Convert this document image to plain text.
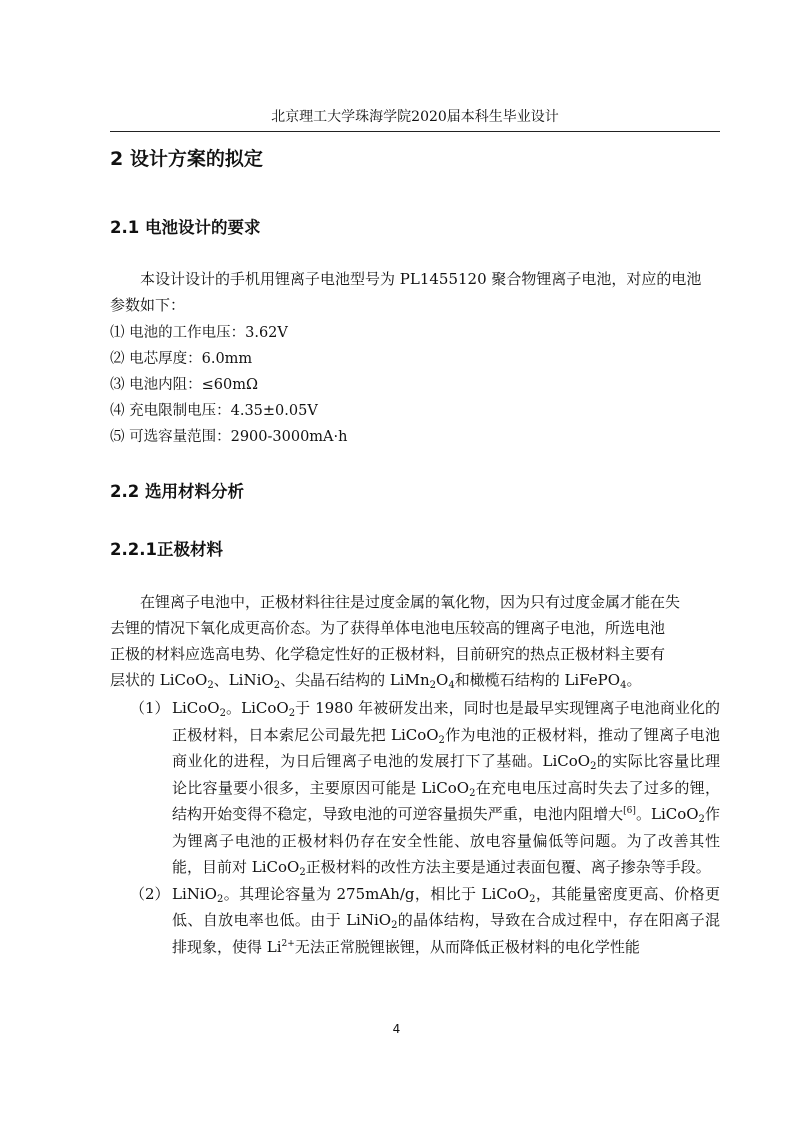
北京理工大学珠海学院2020届本科生毕业设计
2 设计方案的拟定
2.1 电池设计的要求

本设计设计的手机用锂离子电池型号为 PL1455120 聚合物锂离子电池，对应的电池

参数如下：

⑴ 电池的工作电压：3.62V
⑵ 电芯厚度：6.0mm
⑶ 电池内阻：≤60mΩ
⑷ 充电限制电压：4.35±0.05V
⑸ 可选容量范围：2900-3000mA·h
2.2 选用材料分析
2.2.1正极材料

在锂离子电池中，正极材料往往是过度金属的氧化物，因为只有过度金属才能在失

去锂的情况下氧化成更高价态。为了获得单体电池电压较高的锂离子电池，所选电池

正极的材料应选高电势、化学稳定性好的正极材料，目前研究的热点正极材料主要有

层状的 LiCoO$_2$、LiNiO$_2$、尖晶石结构的 $LiMn_2O_4$和橄榄石结构的 LiFePO$_4$。

（1） LiCoO$_2$。LiCoO$_2$于 1980 年被研发出来，同时也是最早实现锂离子电池商业化的正极材料，日本索尼公司最先把 LiCoO$_2$作为电池的正极材料，推动了锂离子电池商业化的进程，为日后锂离子电池的发展打下了基础。LiCoO$_2$的实际比容量比理论比容量要小很多，主要原因可能是 LiCoO$_2$在充电电压过高时失去了过多的锂，结构开始变得不稳定，导致电池的可逆容量损失严重，电池内阻增大[6]。LiCoO$_2$作为锂离子电池的正极材料仍存在安全性能、放电容量偏低等问题。为了改善其性能，目前对 LiCoO$_2$正极材料的改性方法主要是通过表面包覆、离子掺杂等手段。
（2） LiNiO$_2$。其理论容量为 275mAh/g，相比于 LiCoO$_2$，其能量密度更高、价格更低、自放电率也低。由于 LiNiO$_2$的晶体结构，导致在合成过程中，存在阳离子混排现象，使得 $Li^{2+}$无法正常脱锂嵌锂，从而降低正极材料的电化学性能
4
